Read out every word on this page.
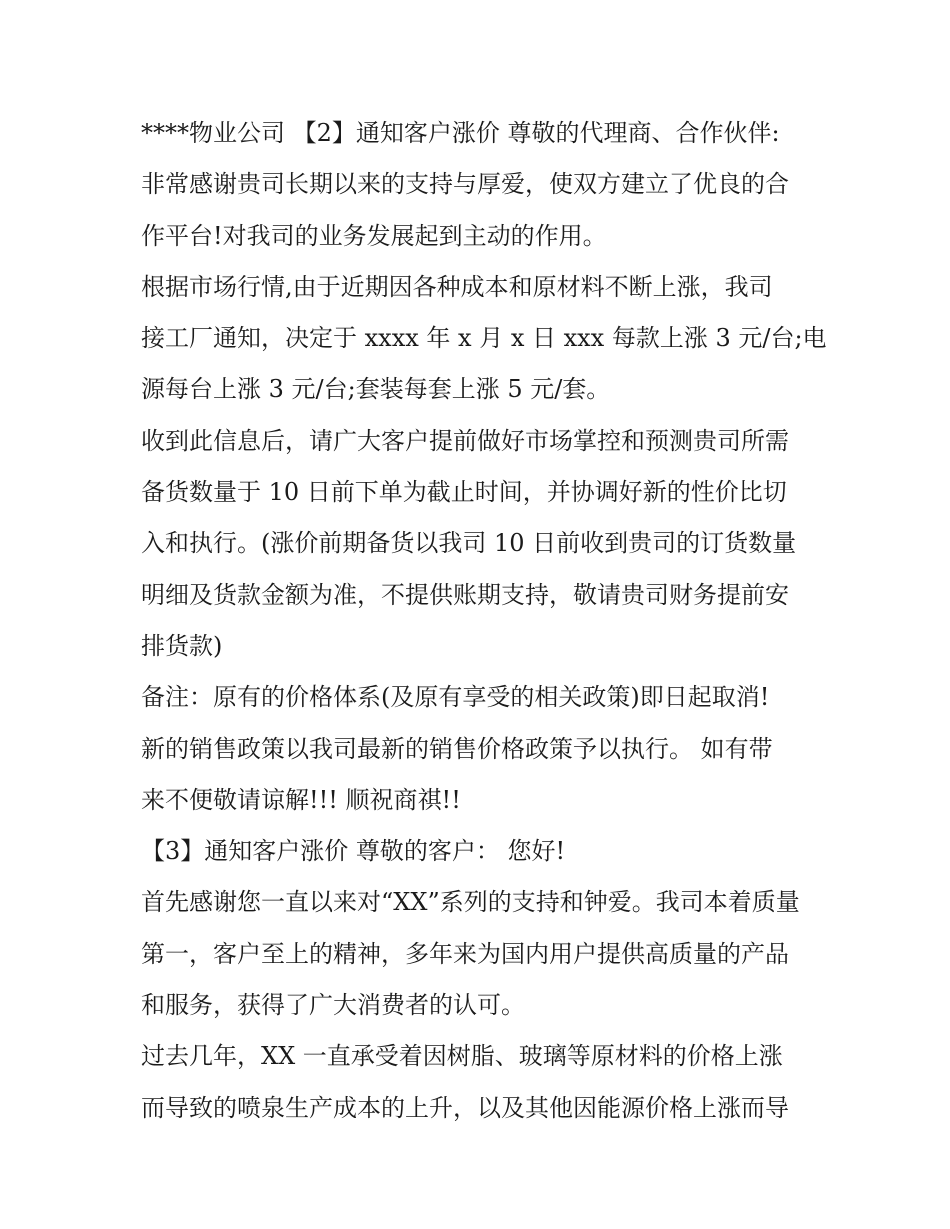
****物业公司 【2】通知客户涨价 尊敬的代理商、合作伙伴:
非常感谢贵司长期以来的支持与厚爱，使双方建立了优良的合
作平台!对我司的业务发展起到主动的作用。
根据市场行情,由于近期因各种成本和原材料不断上涨，我司
接工厂通知，决定于 xxxx 年 x 月 x 日 xxx 每款上涨 3 元/台;电
源每台上涨 3 元/台;套装每套上涨 5 元/套。
收到此信息后，请广大客户提前做好市场掌控和预测贵司所需
备货数量于 10 日前下单为截止时间，并协调好新的性价比切
入和执行。(涨价前期备货以我司 10 日前收到贵司的订货数量
明细及货款金额为准，不提供账期支持，敬请贵司财务提前安
排货款)
备注：原有的价格体系(及原有享受的相关政策)即日起取消!
新的销售政策以我司最新的销售价格政策予以执行。 如有带
来不便敬请谅解!!! 顺祝商祺!!
【3】通知客户涨价 尊敬的客户： 您好!
首先感谢您一直以来对“XX”系列的支持和钟爱。我司本着质量
第一，客户至上的精神，多年来为国内用户提供高质量的产品
和服务，获得了广大消费者的认可。
过去几年，XX 一直承受着因树脂、玻璃等原材料的价格上涨
而导致的喷泉生产成本的上升，以及其他因能源价格上涨而导
